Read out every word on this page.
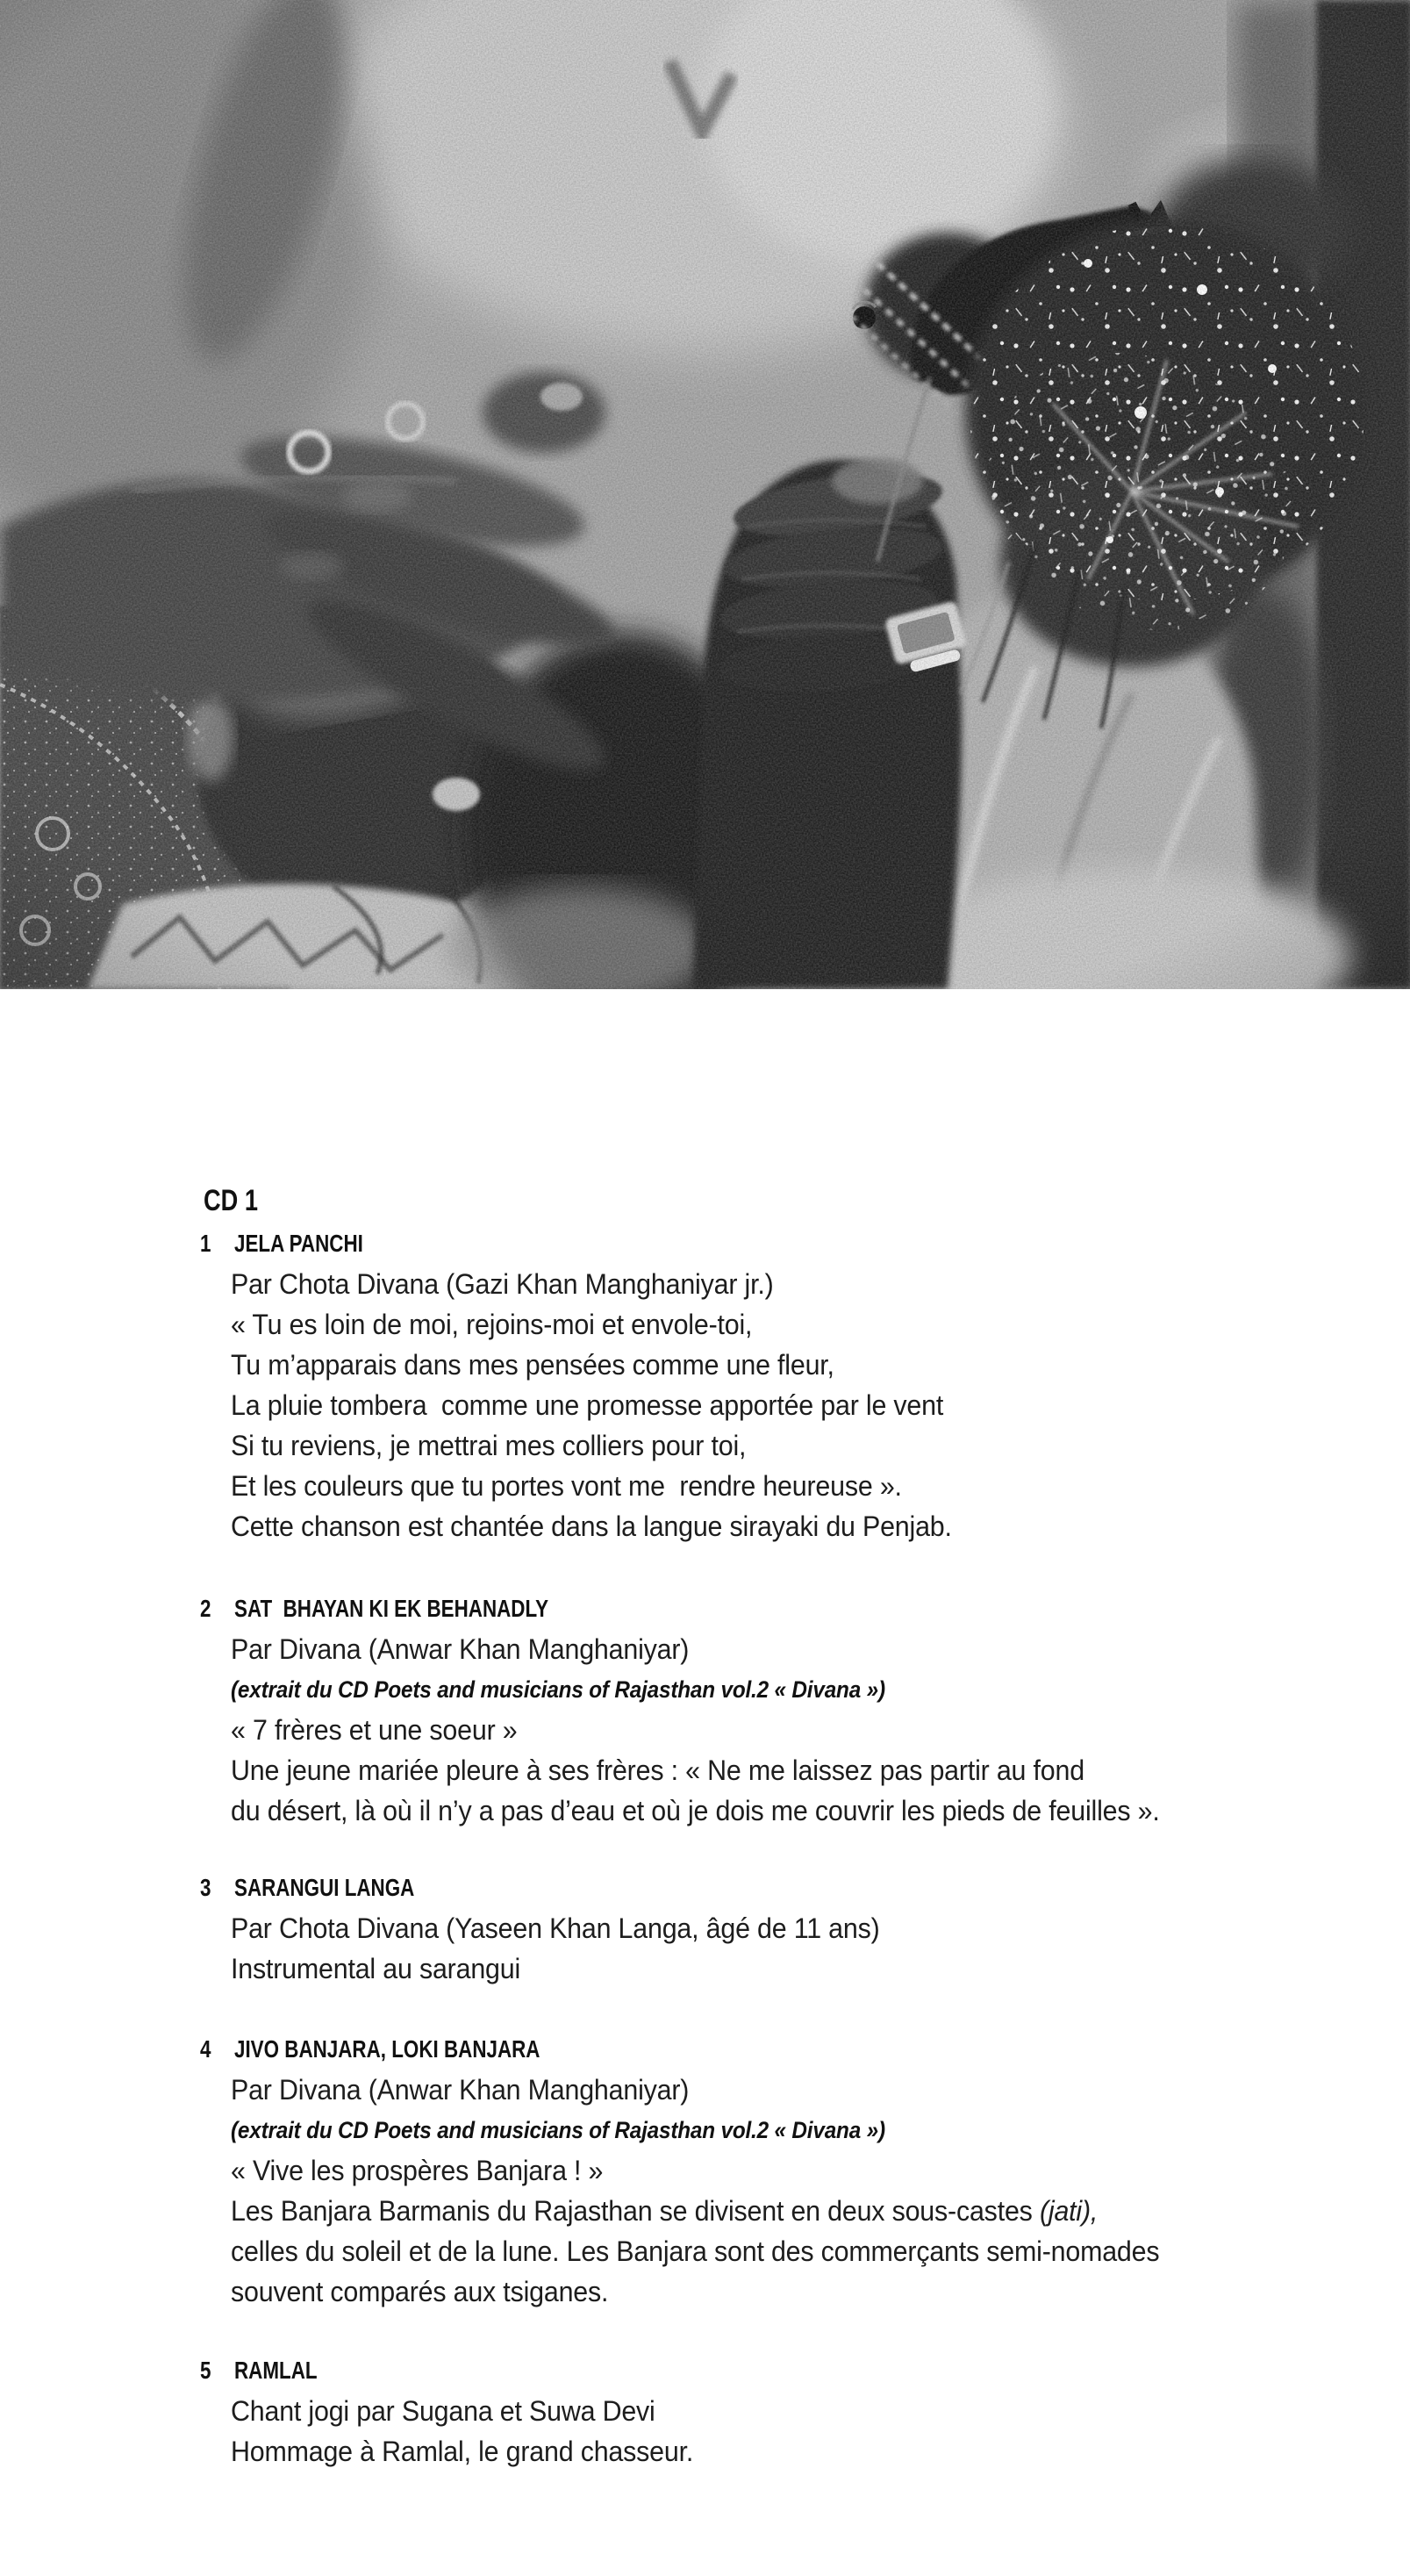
CD 1
1 JELA PANCHI

Par Chota Divana (Gazi Khan Manghaniyar jr.)

« Tu es loin de moi, rejoins-moi et envole-toi,

Tu m’apparais dans mes pensées comme une fleur,

La pluie tombera  comme une promesse apportée par le vent

Si tu reviens, je mettrai mes colliers pour toi,

Et les couleurs que tu portes vont me  rendre heureuse ».

Cette chanson est chantée dans la langue sirayaki du Penjab.

2 SAT  BHAYAN KI EK BEHANADLY

Par Divana (Anwar Khan Manghaniyar)

(extrait du CD Poets and musicians of Rajasthan vol.2 « Divana »)

« 7 frères et une soeur »

Une jeune mariée pleure à ses frères : « Ne me laissez pas partir au fond

du désert, là où il n’y a pas d’eau et où je dois me couvrir les pieds de feuilles ».

3 SARANGUI LANGA

Par Chota Divana (Yaseen Khan Langa, âgé de 11 ans)

Instrumental au sarangui

4 JIVO BANJARA, LOKI BANJARA

Par Divana (Anwar Khan Manghaniyar)

(extrait du CD Poets and musicians of Rajasthan vol.2 « Divana »)

« Vive les prospères Banjara ! »

Les Banjara Barmanis du Rajasthan se divisent en deux sous-castes (jati),

celles du soleil et de la lune. Les Banjara sont des commerçants semi-nomades

souvent comparés aux tsiganes.

5 RAMLAL

Chant jogi par Sugana et Suwa Devi

Hommage à Ramlal, le grand chasseur.
